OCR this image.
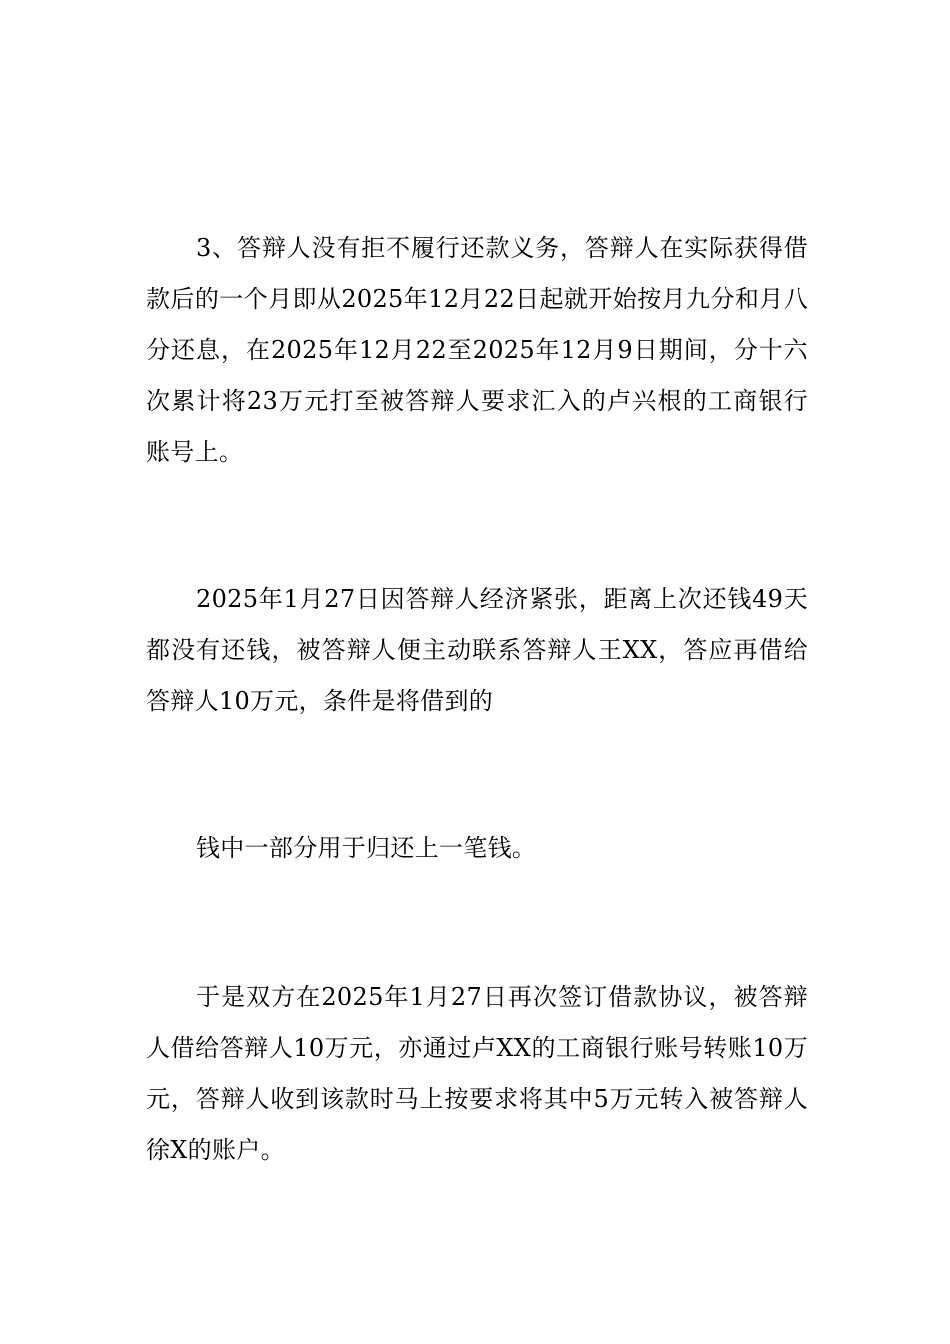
3、答辩人没有拒不履行还款义务，答辩人在实际获得借款后的一个月即从2025年12月22日起就开始按月九分和月八分还息，在2025年12月22至2025年12月9日期间，分十六次累计将23万元打至被答辩人要求汇入的卢兴根的工商银行账号上。

2025年1月27日因答辩人经济紧张，距离上次还钱49天都没有还钱，被答辩人便主动联系答辩人王XX，答应再借给答辩人10万元，条件是将借到的

钱中一部分用于归还上一笔钱。

于是双方在2025年1月27日再次签订借款协议，被答辩人借给答辩人10万元，亦通过卢XX的工商银行账号转账10万元，答辩人收到该款时马上按要求将其中5万元转入被答辩人徐X的账户。
